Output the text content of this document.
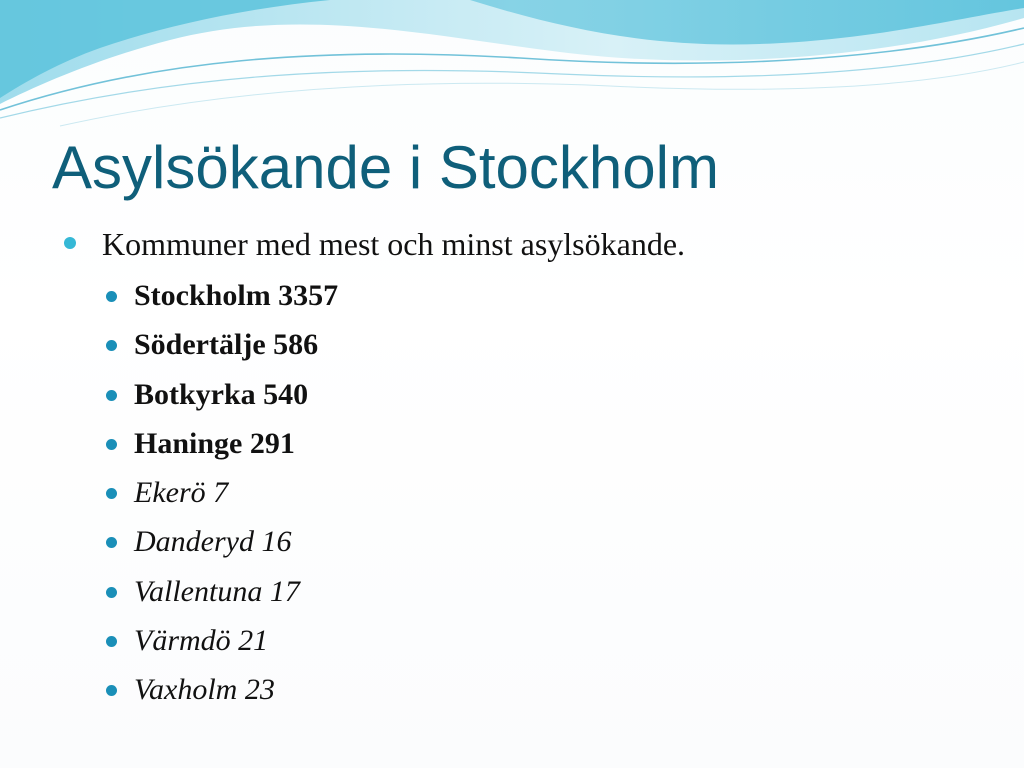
Asylsökande i Stockholm
Kommuner med mest och minst asylsökande.
Stockholm 3357
Södertälje 586
Botkyrka 540
Haninge 291
Ekerö 7
Danderyd 16
Vallentuna 17
Värmdö 21
Vaxholm 23
